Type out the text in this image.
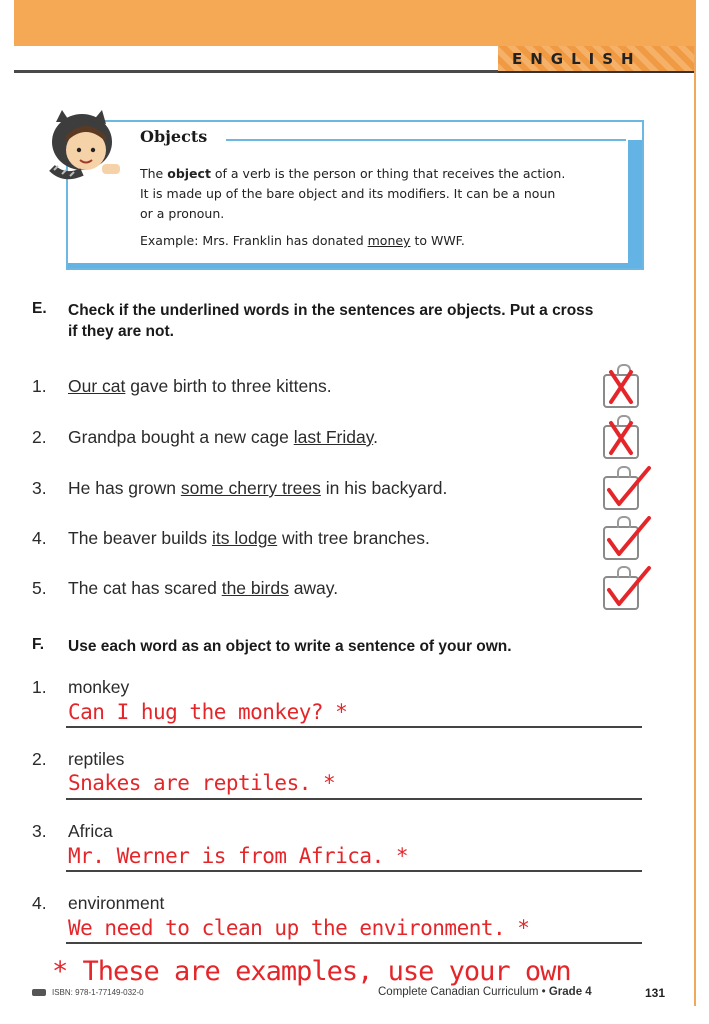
ENGLISH
Objects
The object of a verb is the person or thing that receives the action.
It is made up of the bare object and its modifiers. It can be a noun
or a pronoun.
Example: Mrs. Franklin has donated money to WWF.
E. Check if the underlined words in the sentences are objects. Put a cross
if they are not.
1. Our cat gave birth to three kittens.
2. Grandpa bought a new cage last Friday.
3. He has grown some cherry trees in his backyard.
4. The beaver builds its lodge with tree branches.
5. The cat has scared the birds away.
F. Use each word as an object to write a sentence of your own.
1. monkey
Can I hug the monkey? *
2. reptiles
Snakes are reptiles. *
3. Africa
Mr. Werner is from Africa. *
4. environment
We need to clean up the environment. *
* These are examples, use your own
ISBN: 978-1-77149-032-0	Complete Canadian Curriculum • Grade 4	131
